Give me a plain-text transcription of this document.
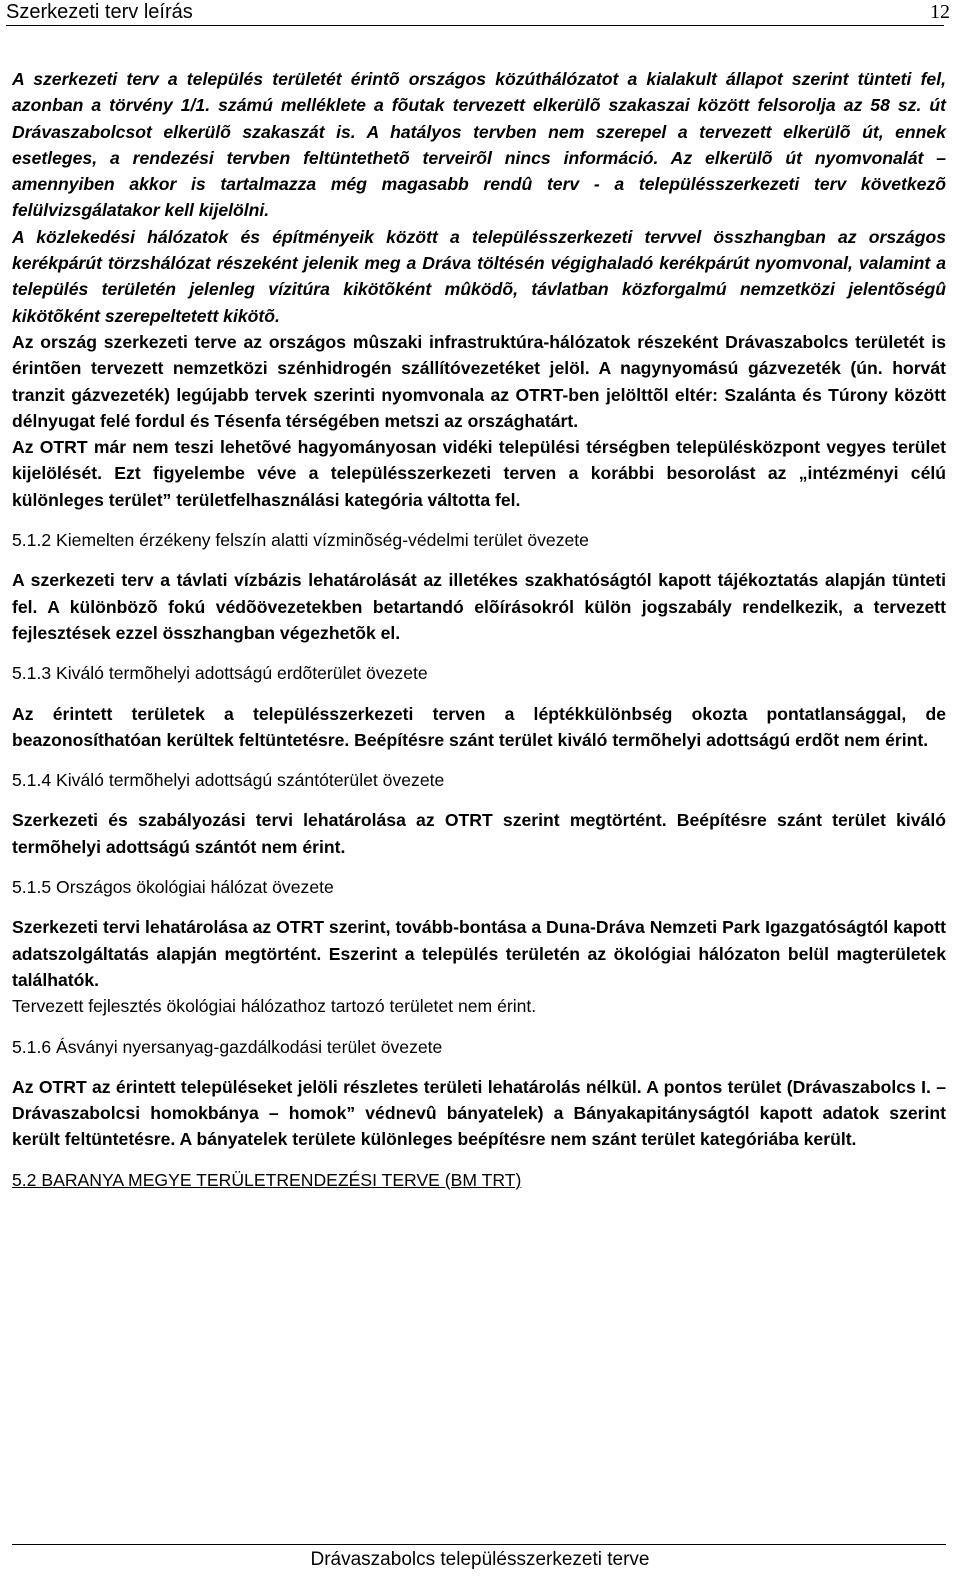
Szerkezeti terv leírás	12

A szerkezeti terv a település területét érintõ országos közúthálózatot a kialakult állapot szerint tünteti fel, azonban a törvény 1/1. számú melléklete a fõutak tervezett elkerülõ szakaszai között felsorolja az 58 sz. út Drávaszabolcsot elkerülõ szakaszát is. A hatályos tervben nem szerepel a tervezett elkerülõ út, ennek esetleges, a rendezési tervben feltüntethetõ terveirõl nincs információ. Az elkerülõ út nyomvonalát – amennyiben akkor is tartalmazza még magasabb rendû terv - a településszerkezeti terv következõ felülvizsgálatakor kell kijelölni.

A közlekedési hálózatok és építményeik között a településszerkezeti tervvel összhangban az országos kerékpárút törzshálózat részeként jelenik meg a Dráva töltésén végighaladó kerékpárút nyomvonal, valamint a település területén jelenleg vízitúra kikötõként mûködõ, távlatban közforgalmú nemzetközi jelentõségû kikötõként szerepeltetett kikötõ.

Az ország szerkezeti terve az országos mûszaki infrastruktúra-hálózatok részeként Drávaszabolcs területét is érintõen tervezett nemzetközi szénhidrogén szállítóvezetéket jelöl. A nagynyomású gázvezeték (ún. horvát tranzit gázvezeték) legújabb tervek szerinti nyomvonala az OTRT-ben jelölttõl eltér: Szalánta és Túrony között délnyugat felé fordul és Tésenfa térségében metszi az országhatárt.

Az OTRT már nem teszi lehetõvé hagyományosan vidéki települési térségben településközpont vegyes terület kijelölését. Ezt figyelembe véve a településszerkezeti terven a korábbi besorolást az „intézményi célú különleges terület” területfelhasználási kategória váltotta fel.

5.1.2 Kiemelten érzékeny felszín alatti vízminõség-védelmi terület övezete

A szerkezeti terv a távlati vízbázis lehatárolását az illetékes szakhatóságtól kapott tájékoztatás alapján tünteti fel. A különbözõ fokú védõövezetekben betartandó elõírásokról külön jogszabály rendelkezik, a tervezett fejlesztések ezzel összhangban végezhetõk el.

5.1.3 Kiváló termõhelyi adottságú erdõterület övezete

Az érintett területek a településszerkezeti terven a léptékkülönbség okozta pontatlansággal, de beazonosíthatóan kerültek feltüntetésre. Beépítésre szánt terület kiváló termõhelyi adottságú erdõt nem érint.

5.1.4 Kiváló termõhelyi adottságú szántóterület övezete

Szerkezeti és szabályozási tervi lehatárolása az OTRT szerint megtörtént. Beépítésre szánt terület kiváló termõhelyi adottságú szántót nem érint.

5.1.5 Országos ökológiai hálózat övezete

Szerkezeti tervi lehatárolása az OTRT szerint, tovább-bontása a Duna-Dráva Nemzeti Park Igazgatóságtól kapott adatszolgáltatás alapján megtörtént. Eszerint a település területén az ökológiai hálózaton belül magterületek találhatók.

Tervezett fejlesztés ökológiai hálózathoz tartozó területet nem érint.

5.1.6 Ásványi nyersanyag-gazdálkodási terület övezete

Az OTRT az érintett településeket jelöli részletes területi lehatárolás nélkül. A pontos terület (Drávaszabolcs I. – Drávaszabolcsi homokbánya – homok” védnevû bányatelek) a Bányakapitányságtól kapott adatok szerint került feltüntetésre. A bányatelek területe különleges beépítésre nem szánt terület kategóriába került.

5.2 BARANYA MEGYE TERÜLETRENDEZÉSI TERVE (BM TRT)

Drávaszabolcs településszerkezeti terve
